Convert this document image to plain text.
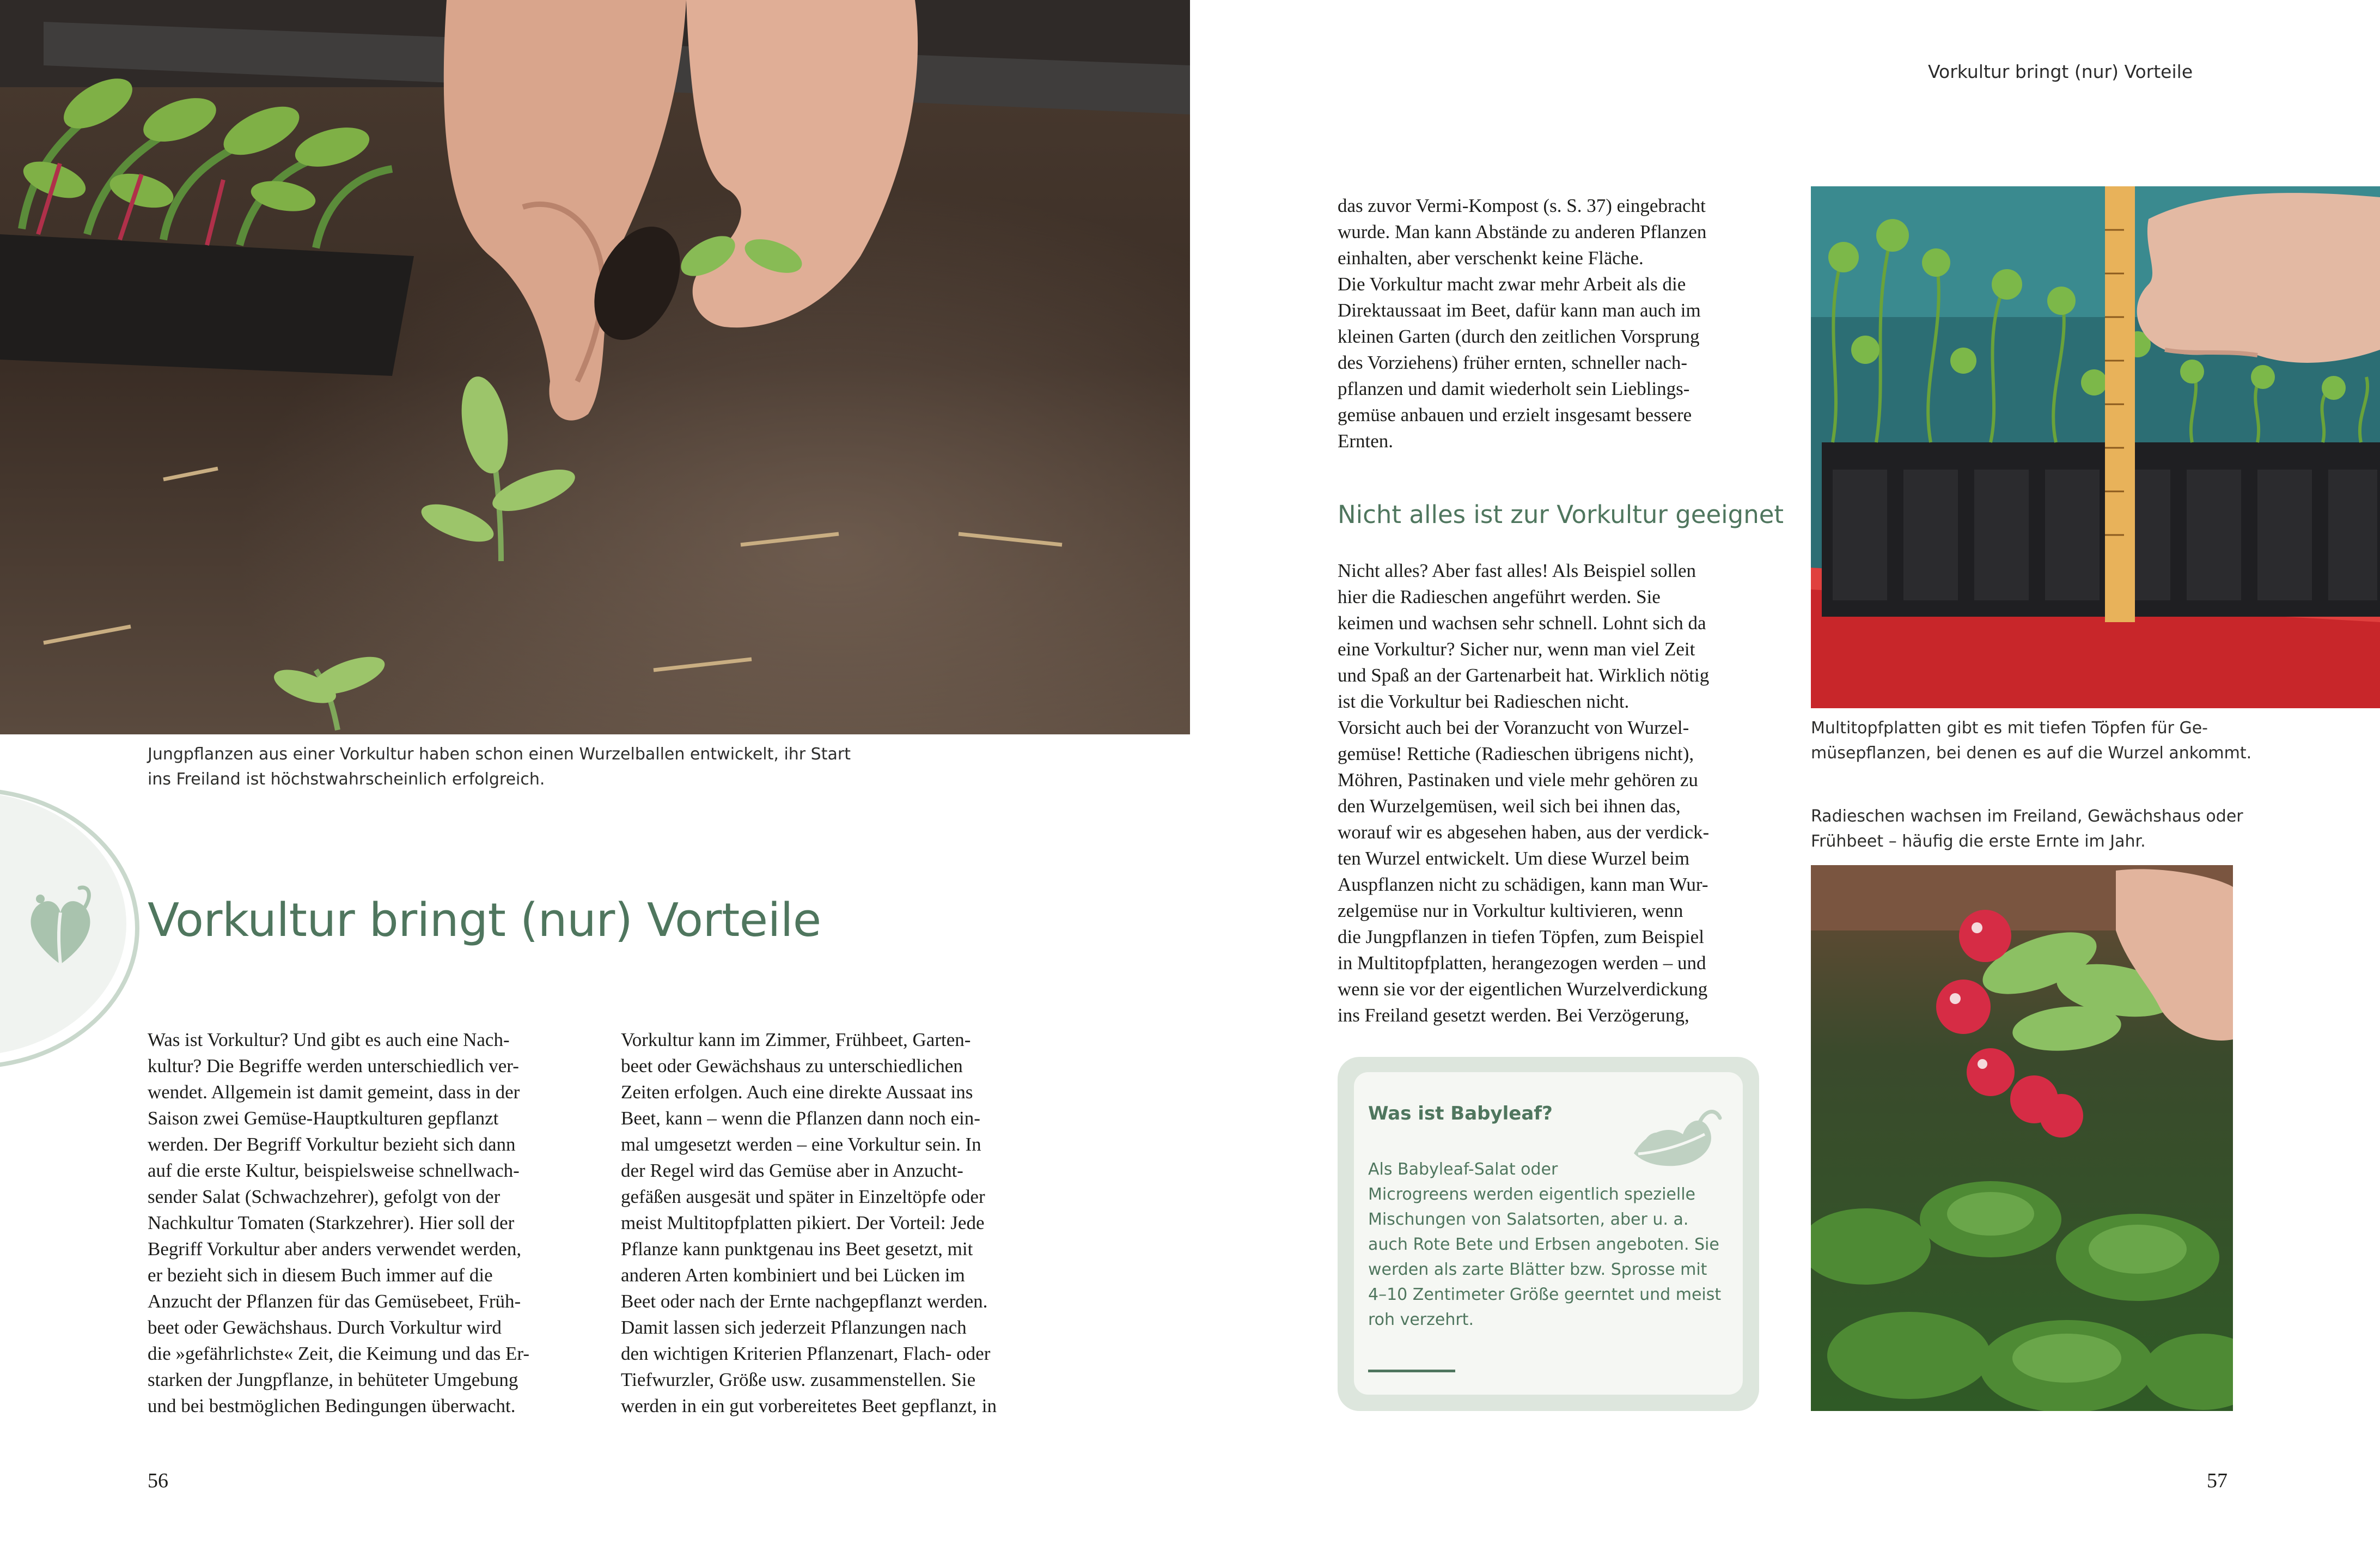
Jungpflanzen aus einer Vorkultur haben schon einen Wurzelballen entwickelt, ihr Start

ins Freiland ist höchstwahrscheinlich erfolgreich.

Vorkultur bringt (nur) Vorteile

Was ist Vorkultur? Und gibt es auch eine Nach-

kultur? Die Begriffe werden unterschiedlich ver-

wendet. Allgemein ist damit gemeint, dass in der

Saison zwei Gemüse-Hauptkulturen gepflanzt

werden. Der Begriff Vorkultur bezieht sich dann

auf die erste Kultur, beispielsweise schnellwach-

sender Salat (Schwachzehrer), gefolgt von der

Nachkultur Tomaten (Starkzehrer). Hier soll der

Begriff Vorkultur aber anders verwendet werden,

er bezieht sich in diesem Buch immer auf die

Anzucht der Pflanzen für das Gemüsebeet, Früh-

beet oder Gewächshaus. Durch Vorkultur wird

die »gefährlichste« Zeit, die Keimung und das Er-

starken der Jungpflanze, in behüteter Umgebung

und bei bestmöglichen Bedingungen überwacht.

Vorkultur kann im Zimmer, Frühbeet, Garten-

beet oder Gewächshaus zu unterschiedlichen

Zeiten erfolgen. Auch eine direkte Aussaat ins

Beet, kann – wenn die Pflanzen dann noch ein-

mal umgesetzt werden – eine Vorkultur sein. In

der Regel wird das Gemüse aber in Anzucht-

gefäßen ausgesät und später in Einzeltöpfe oder

meist Multitopfplatten pikiert. Der Vorteil: Jede

Pflanze kann punktgenau ins Beet gesetzt, mit

anderen Arten kombiniert und bei Lücken im

Beet oder nach der Ernte nachgepflanzt werden.

Damit lassen sich jederzeit Pflanzungen nach

den wichtigen Kriterien Pflanzenart, Flach- oder

Tiefwurzler, Größe usw. zusammenstellen. Sie

werden in ein gut vorbereitetes Beet gepflanzt, in

56
Vorkultur bringt (nur) Vorteile

das zuvor Vermi-Kompost (s. S. 37) eingebracht

wurde. Man kann Abstände zu anderen Pflanzen

einhalten, aber verschenkt keine Fläche.

Die Vorkultur macht zwar mehr Arbeit als die

Direktaussaat im Beet, dafür kann man auch im

kleinen Garten (durch den zeitlichen Vorsprung

des Vorziehens) früher ernten, schneller nach-

pflanzen und damit wiederholt sein Lieblings-

gemüse anbauen und erzielt insgesamt bessere

Ernten.

Nicht alles ist zur Vorkultur geeignet

Nicht alles? Aber fast alles! Als Beispiel sollen

hier die Radieschen angeführt werden. Sie

keimen und wachsen sehr schnell. Lohnt sich da

eine Vorkultur? Sicher nur, wenn man viel Zeit

und Spaß an der Gartenarbeit hat. Wirklich nötig

ist die Vorkultur bei Radieschen nicht.

Vorsicht auch bei der Voranzucht von Wurzel-

gemüse! Rettiche (Radieschen übrigens nicht),

Möhren, Pastinaken und viele mehr gehören zu

den Wurzelgemüsen, weil sich bei ihnen das,

worauf wir es abgesehen haben, aus der verdick-

ten Wurzel entwickelt. Um diese Wurzel beim

Auspflanzen nicht zu schädigen, kann man Wur-

zelgemüse nur in Vorkultur kultivieren, wenn

die Jungpflanzen in tiefen Töpfen, zum Beispiel

in Multitopfplatten, herangezogen werden – und

wenn sie vor der eigentlichen Wurzelverdickung

ins Freiland gesetzt werden. Bei Verzögerung,

Was ist Babyleaf?

Als Babyleaf-Salat oder

Microgreens werden eigentlich spezielle

Mischungen von Salatsorten, aber u. a.

auch Rote Bete und Erbsen angeboten. Sie

werden als zarte Blätter bzw. Sprosse mit

4–10 Zentimeter Größe geerntet und meist

roh verzehrt.

Multitopfplatten gibt es mit tiefen Töpfen für Ge-

müsepflanzen, bei denen es auf die Wurzel ankommt.

Radieschen wachsen im Freiland, Gewächshaus oder

Frühbeet – häufig die erste Ernte im Jahr.

57
